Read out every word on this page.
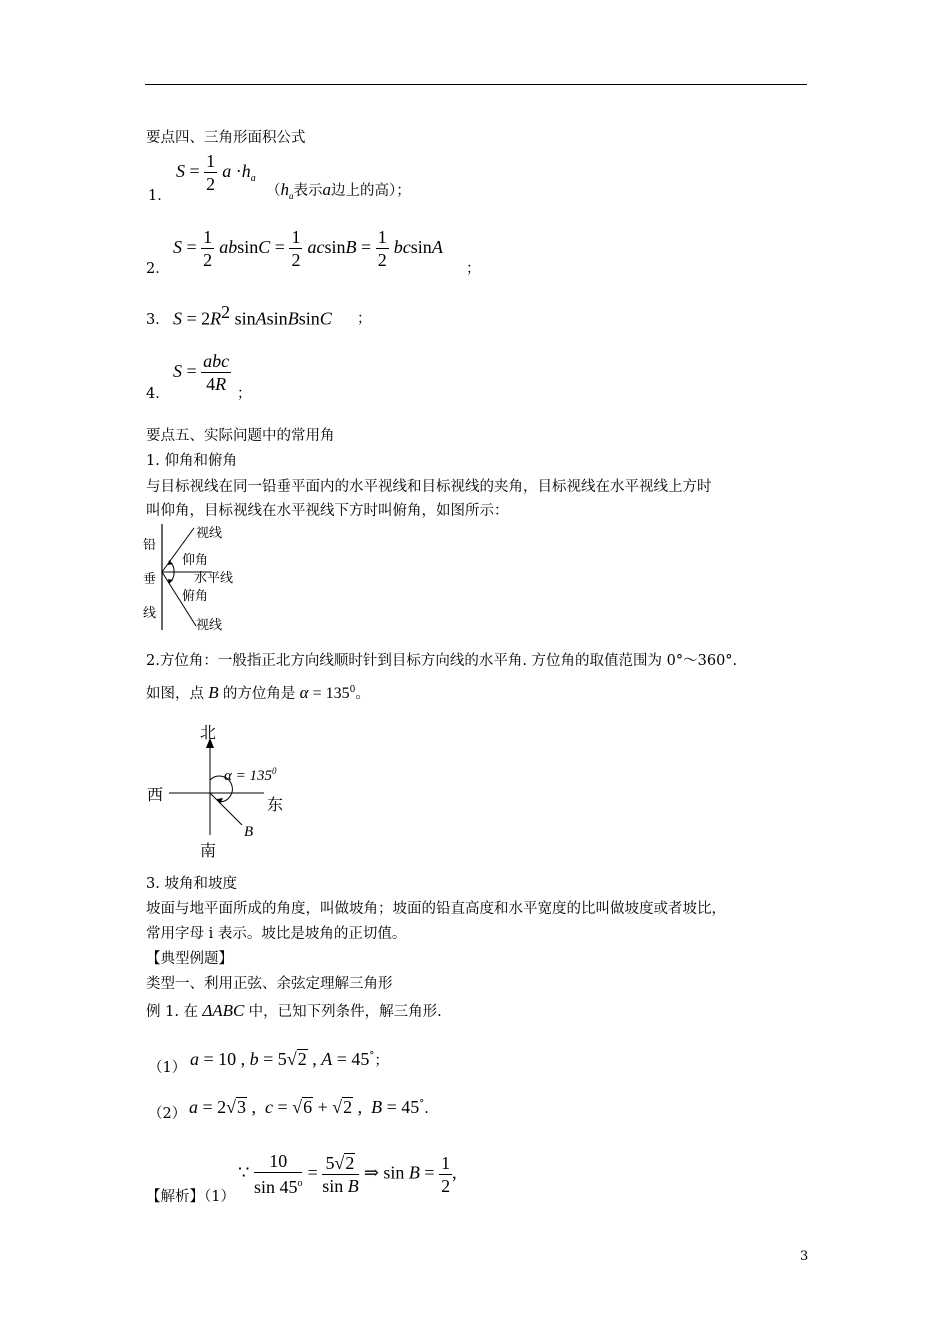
要点四、三角形面积公式
1．
$S = \frac{1}{2}$ $a \cdot h_a$
（$h_a$表示a边上的高）；
2．
$S = \frac{1}{2}$ $absinC = \frac{1}{2}$ $acsinB = \frac{1}{2}$ bcsinA
；
3． $S = 2R^2$ sinAsinBsinC ；
4．
$S = \frac{\text{abc}}{4R}$ ；
要点五、实际问题中的常用角
1. 仰角和俯角
与目标视线在同一铅垂平面内的水平视线和目标视线的夹角，目标视线在水平视线上方时
叫仰角，目标视线在水平视线下方时叫俯角，如图所示：
铅
垂
线
视线
仰角
水平线
俯角
视线
2.方位角：一般指正北方向线顺时针到目标方向线的水平角. 方位角的取值范围为 0°～360°.
如图，点 B 的方位角是 $\alpha = 135^0$。
北
西
东
南
$\alpha = 135^0$
B
3. 坡角和坡度
坡面与地平面所成的角度，叫做坡角；坡面的铅直高度和水平宽度的比叫做坡度或者坡比，
常用字母 i 表示。坡比是坡角的正切值。
【典型例题】
类型一、利用正弦、余弦定理解三角形
例 1. 在 ΔABC 中，已知下列条件，解三角形.
（1） a = 10 , b = 5√2 , A = 45°；
（2） a = 2√3 ,  c = √6 + √2 ,  B = 45°.
【解析】（1）
∵ $\frac{10}{\sin 45^o} = \frac{5√2}{\text{sin B}}$ ⇒ $\sin B = \frac{1}{2}$ ,
3
